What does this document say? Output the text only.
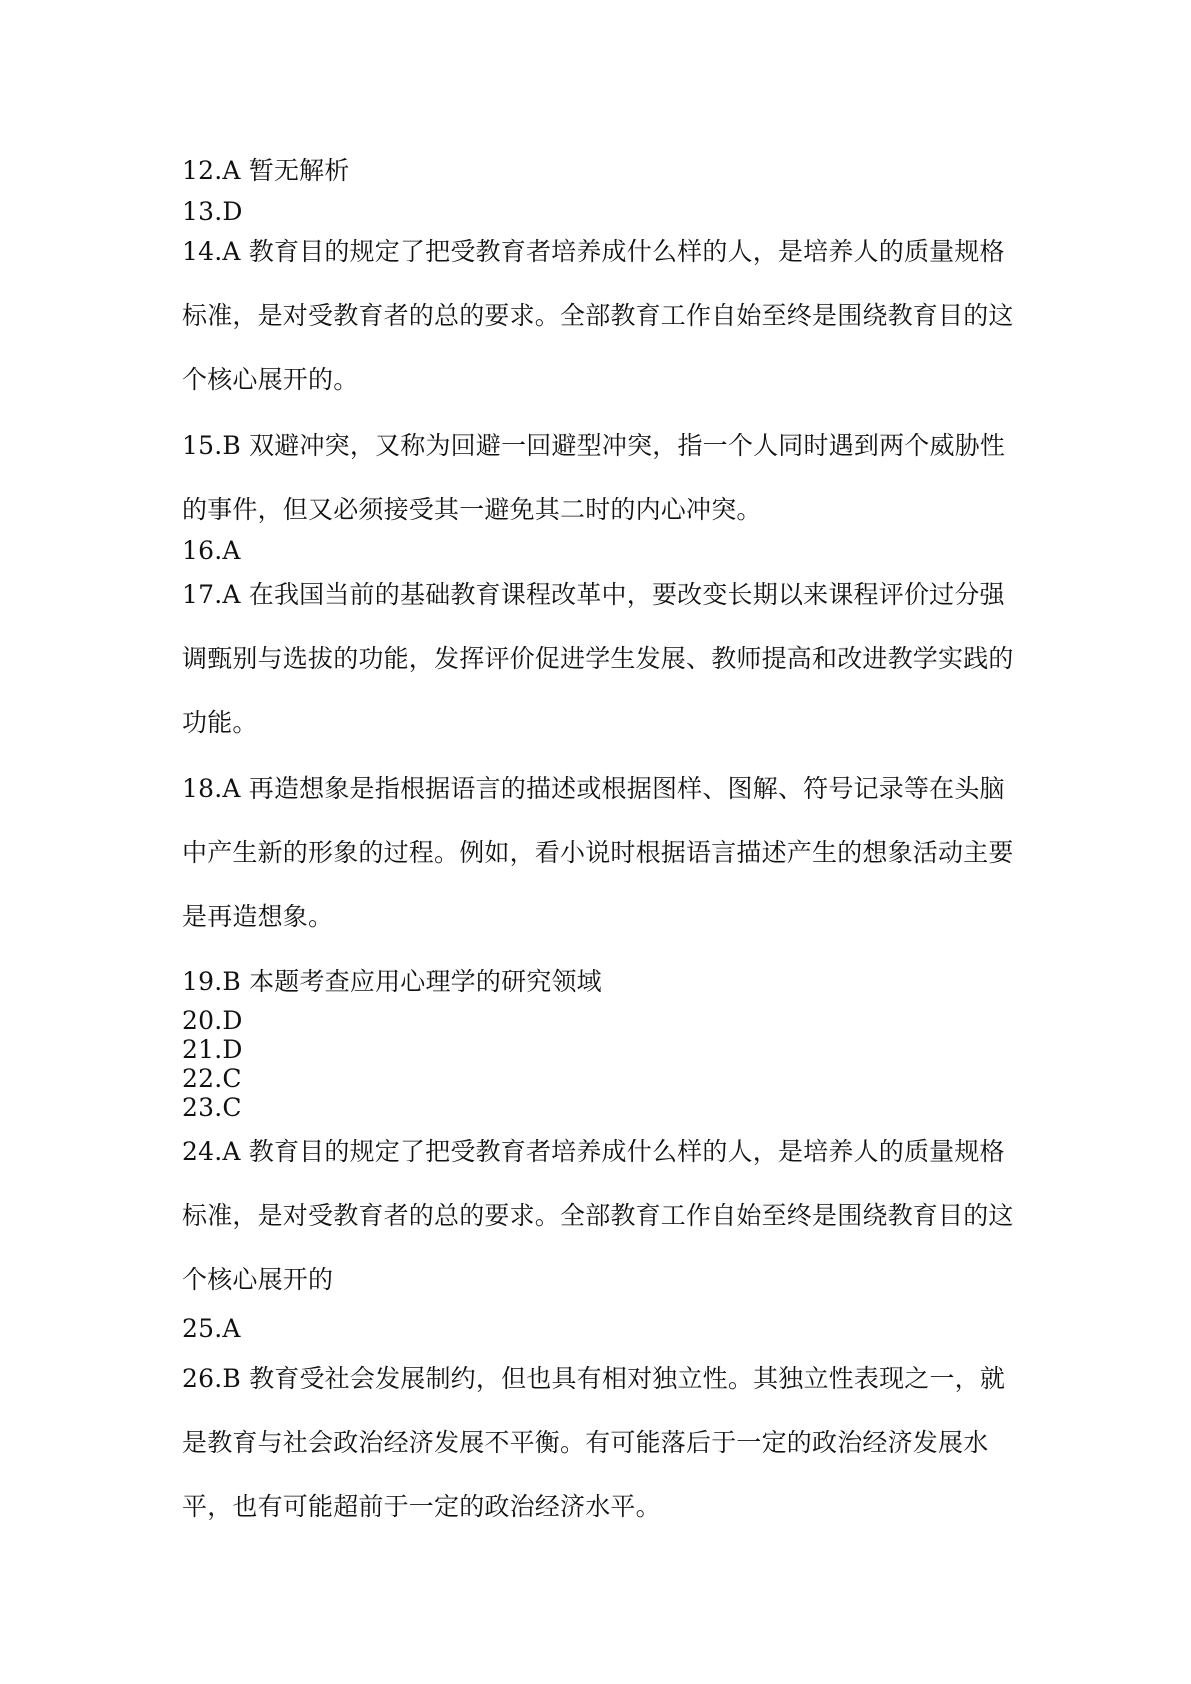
12.A 暂无解析

13.D

14.A 教育目的规定了把受教育者培养成什么样的人，是培养人的质量规格标准，是对受教育者的总的要求。全部教育工作自始至终是围绕教育目的这个核心展开的。

15.B 双避冲突，又称为回避一回避型冲突，指一个人同时遇到两个威胁性的事件，但又必须接受其一避免其二时的内心冲突。

16.A

17.A 在我国当前的基础教育课程改革中，要改变长期以来课程评价过分强调甄别与选拔的功能，发挥评价促进学生发展、教师提高和改进教学实践的功能。

18.A 再造想象是指根据语言的描述或根据图样、图解、符号记录等在头脑中产生新的形象的过程。例如，看小说时根据语言描述产生的想象活动主要是再造想象。

19.B 本题考查应用心理学的研究领域

20.D

21.D

22.C

23.C

24.A 教育目的规定了把受教育者培养成什么样的人，是培养人的质量规格标准，是对受教育者的总的要求。全部教育工作自始至终是围绕教育目的这个核心展开的

25.A

26.B 教育受社会发展制约，但也具有相对独立性。其独立性表现之一，就是教育与社会政治经济发展不平衡。有可能落后于一定的政治经济发展水平，也有可能超前于一定的政治经济水平。
